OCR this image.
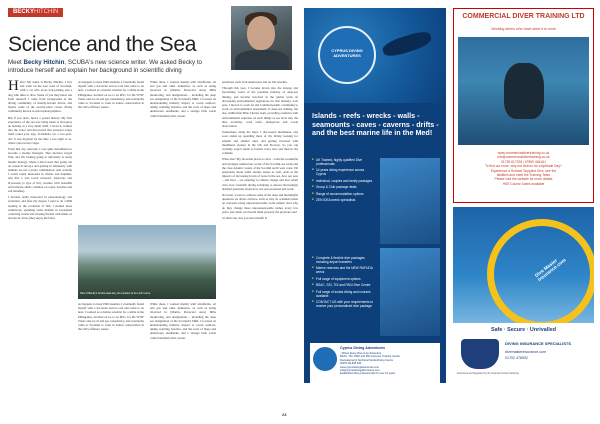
BECKYHITCHIN
Science and the Sea
Meet Becky Hitchin, SCUBA's new science writer. We asked Becky to introduce herself and explain her background in scientific diving

Hello! My name is Becky Hitchin. I live and work on the east coast of Scotland, with a cat who loves tick-picking and a dog who likes to dive. Some of you may know me from research I came from background of the diving community of muddy-bottom divers, and maybe some of the exactly-ideal corner diving community known as macrophotographers.

But if you don't, here's a potted history. My first experience of the sea was being taken to Newquay on holiday as a very small child. I loved it, walked into the water and discovered that seaweed wraps itself round your legs. Transmats, for a two-year-old. It was forgiven by the time I was eight or so, when I discovered crisps.

From that day onwards, I was quite determined to become a marine biologist. That decision stayed firm, and I'm looking going to university to study marine biology, where I discovered that going out on research surveys and getting in intimately with animals are not a pretty combination. And actually I wasn't really interested in whales and dolphins, and that I was loved seaweed, barnacles and bryozoans (a type of tiny creature with beautiful and intricate shells common on ropes, beaches and salt marshes).

I became really interested in palaeontology and evolution, and after my degree I went to do a PhD looking at the evolution of fish. I studied mass extinctions, spending some months in Greenland collecting fossils and chasing friends with musk ox and Arctic foxes (they enjoy the fens).

As happens to most PhD students, I eventually found myself with a doctorate and no real idea what to do next. I worked as a marine scientist for a while in the Philippines, decided on no to an MSc, for the WWF Trusts and on oil and gas consultancy, and eventually came to Scotland to work in nature conservation in the UK's offshore waters.

While there, I worked mainly with windfarms, oil and gas and other industries, as well as being involved in (Marine Protected Area) MPA monitoring, and designations – including the deep sea designation of the Scotland's MPA. I focused on understanding industry impact to ocean seafloor, taking warming beaches, and the sorts of maps and underwater sandbanks, and a strange little worm called Sabellaria that creates

Part of Becky's Scotto-lead-sky, the location of its Loch Lorne

As happens to most PhD students, I eventually found myself with a doctorate and no real idea what to do next. I worked as a marine scientist for a while in the Philippines, decided on no to an MSc, for the WWF Trusts and on oil and gas consultancy, and eventually came to Scotland to work in nature conservation in the UK's offshore waters.

While there, I worked mainly with windfarms, oil and gas and other industries, as well as being involved in (Marine Protected Area) MPA monitoring, and designations – including the deep sea designation of the Scotland's MPA. I focused on understanding industry impact to ocean seafloor, taking warming beaches, and the sorts of maps and underwater sandbanks, and a strange little worm called Sabellaria that creates

enormous reefs both underwater and on UK beaches.

Through this year, I became drawn into the strange and fascinating world of the potential industry of deep-sea mining, and became involved in the global work on developing environmental regulations for that industry. Last year, I moved to work for the Commonwealth, continuing to work on environmental assessment of deep-sea mining, but also within their Blue Charter team, providing countries with environmental expertise on such things as sea level rise, the blue economy, coral reefs, mangroves and ocean observation.

Somewhere along the lines, I discovered muddiness, and soon ended up spending most of my diving looking for smaller and smaller ones, and getting involved with muddiness cleaner in the UK and Norway. So you can certainly expect nudis to feature every now and then in my columns.

What else? My favourite places to dive – both the wonderful and strangest underwater world of the Scottish sea lochs and the clear Atlantic waters of the Scottish north west coast. I'm passionate about wider marine issues as well, such as the impacts of increasing levels of noise in the sea, how our seas – and lives – are adapting to climate change and how small river, how scientific diving is helping to answer increasingly detailed questions about how our seas protected and work.

Not least, I want to address some of the deep and meaningful questions we divers all have, such as why do scientists insist on everyone using unpronounceable Latin names? And why do they change these unpronounceable names every few years, just when we'd learnt them properly the previous one?

So that's me. See you next month! ●

CYPRUS DIVING ADVENTURES
Islands - reefs - wrecks - walls - seamounts - caves - caverns - drifts - and the best marine life in the Med!
■ UK Trained, highly qualified Dive professionals
■ 14 years diving experience across Cyprus
■ Individual, couples and family packages
■ Group & Club package deals
■ Range of accommodation options
■ ZEN IDEA wreck specialists
■ Complete & flexible dive packages including airport transfers
■ Marine reserves and the NEW RUFUDA wreck
■ Full range of equipment options
■ BSAC, SSI, TDI and PADI Dive Centre
■ Full range of scuba diving and courses available
■ CONTACT US with your requirements to receive your personalized dive package
Cyprus Diving Adventures
- Where Every Dive Is An Adventure
BSAC, TDI, PADI and SSI Instructor Training Centre
Recreational & Technical Scuba Diving Centre
00357-99-845 640
www.cyprusdivingadventures.com
info@cyprusdivingadventures.com
Established dive professionals for over 16 years
COMMERCIAL DIVER TRAINING LTD
Working divers who have done it to work
www.commercialdivertraining.co.uk
info@commercialdivertraining.co.uk
01726 817326 | 07850 464161
To find out more, why not visit us for a Aptitude Day?
Experience a Surface Supplied Dive, see the
facilities and meet the Training Team
Please visit the website for more details
HSE Course Dates available
Dive Master Insurance.com
Safe · Secure · Unrivalled
DIVING INSURANCE SPECIALISTS
divemasterinsurance.com
01702 476902
Authorised and Regulated by the Financial Conduct Authority
23
